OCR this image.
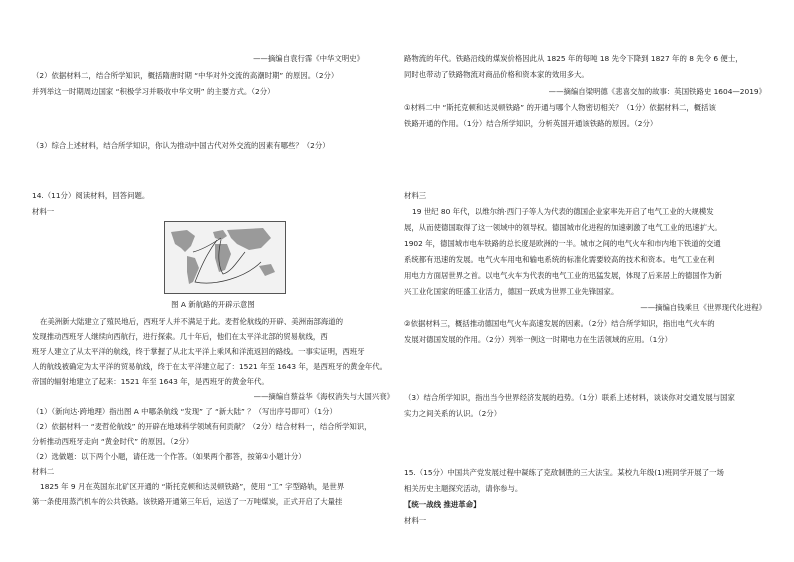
——摘编自袁行霈《中华文明史》
（2）依据材料二，结合所学知识，概括隋唐时期 “中华对外交流的高潮时期” 的原因。（2分）
并列举这一时期周边国家 “积极学习并吸收中华文明” 的主要方式。（2分）
（3）综合上述材料，结合所学知识，你认为推动中国古代对外交流的因素有哪些？（2分）
14.（11分）阅读材料，回答问题。
材料一
图 A 新航路的开辟示意图
在美洲新大陆建立了殖民地后，西班牙人并不满足于此。麦哲伦航线的开辟、美洲南部海道的
发现推动西班牙人继续向西航行，进行探索。几十年后，他们在太平洋北部的贸易航线，西
班牙人建立了从太平洋的航线，终于掌握了从北太平洋上乘风和洋流返回的路线。一事实证明，西班牙
人的航线被确定为太平洋的贸易航线，终于在太平洋建立起了：1521 年至 1643 年，是西班牙的黄金年代。
帝国的辐射地建立了起来：1521 年至 1643 年，是西班牙的黄金年代。
——摘编自蔡益华《海权消失与大国兴衰》
（1）（新向达·跨地理）指出图 A 中哪条航线 “发现” 了 “新大陆” ？（写出序号即可）（1分）
（2）依据材料一 “麦哲伦航线” 的开辟在地球科学领域有何贡献？（2分）结合材料一，结合所学知识，
分析推动西班牙走向 “黄金时代” 的原因。（2分）
（2）选做题：以下两个小题，请任选一个作答。（如果两个都答，按第①小题计分）
材料二
1825 年 9 月在英国东北矿区开通的 “斯托克顿和达灵顿铁路”，使用 “工” 字型路轨，是世界
第一条使用蒸汽机车的公共铁路。该铁路开通第三年后，运送了一万吨煤炭，正式开启了大量挂
路物流的年代。铁路沿线的煤炭价格因此从 1825 年的每吨 18 先令下降到 1827 年的 8 先令 6 便士，
同时也带动了铁路物流对商品价格和资本家的效用多大。
——摘编自梁明德《悲喜交加的故事：英国铁路史 1604—2019》
①材料二中 “斯托克顿和达灵顿铁路” 的开通与哪个人物密切相关？（1分）依据材料二，概括该
铁路开通的作用。（1分）结合所学知识，分析英国开通该铁路的原因。（2分）
材料三
19 世纪 80 年代，以维尔纳·西门子等人为代表的德国企业家率先开启了电气工业的大规模发
展，从而使德国取得了这一领域中的领导权。德国城市化进程的加速刺激了电气工业的迅速扩大。
1902 年，德国城市电车铁路的总长度是欧洲的一半。城市之间的电气火车和市内地下铁道的交通
系统都有迅速的发展。电气火车用电和输电系统的标准化需要较高的技术和资本。电气工业在利
用电力方面居世界之首。以电气火车为代表的电气工业的迅猛发展，体现了后来居上的德国作为新
兴工业化国家的旺盛工业活力，德国一跃成为世界工业先锋国家。
——摘编自钱乘旦《世界现代化进程》
②依据材料三，概括推动德国电气火车高速发展的因素。（2分）结合所学知识，指出电气火车的
发展对德国发展的作用。（2分）列举一例这一时期电力在生活领域的应用。（1分）
（3）结合所学知识，指出当今世界经济发展的趋势。（1分）联系上述材料，谈谈你对交通发展与国家
实力之间关系的认识。（2分）
15.（15分）中国共产党发展过程中凝练了克敌制胜的三大法宝。某校九年级(1)班同学开展了一场
相关历史主题探究活动，请你参与。
【统一战线 推进革命】
材料一
